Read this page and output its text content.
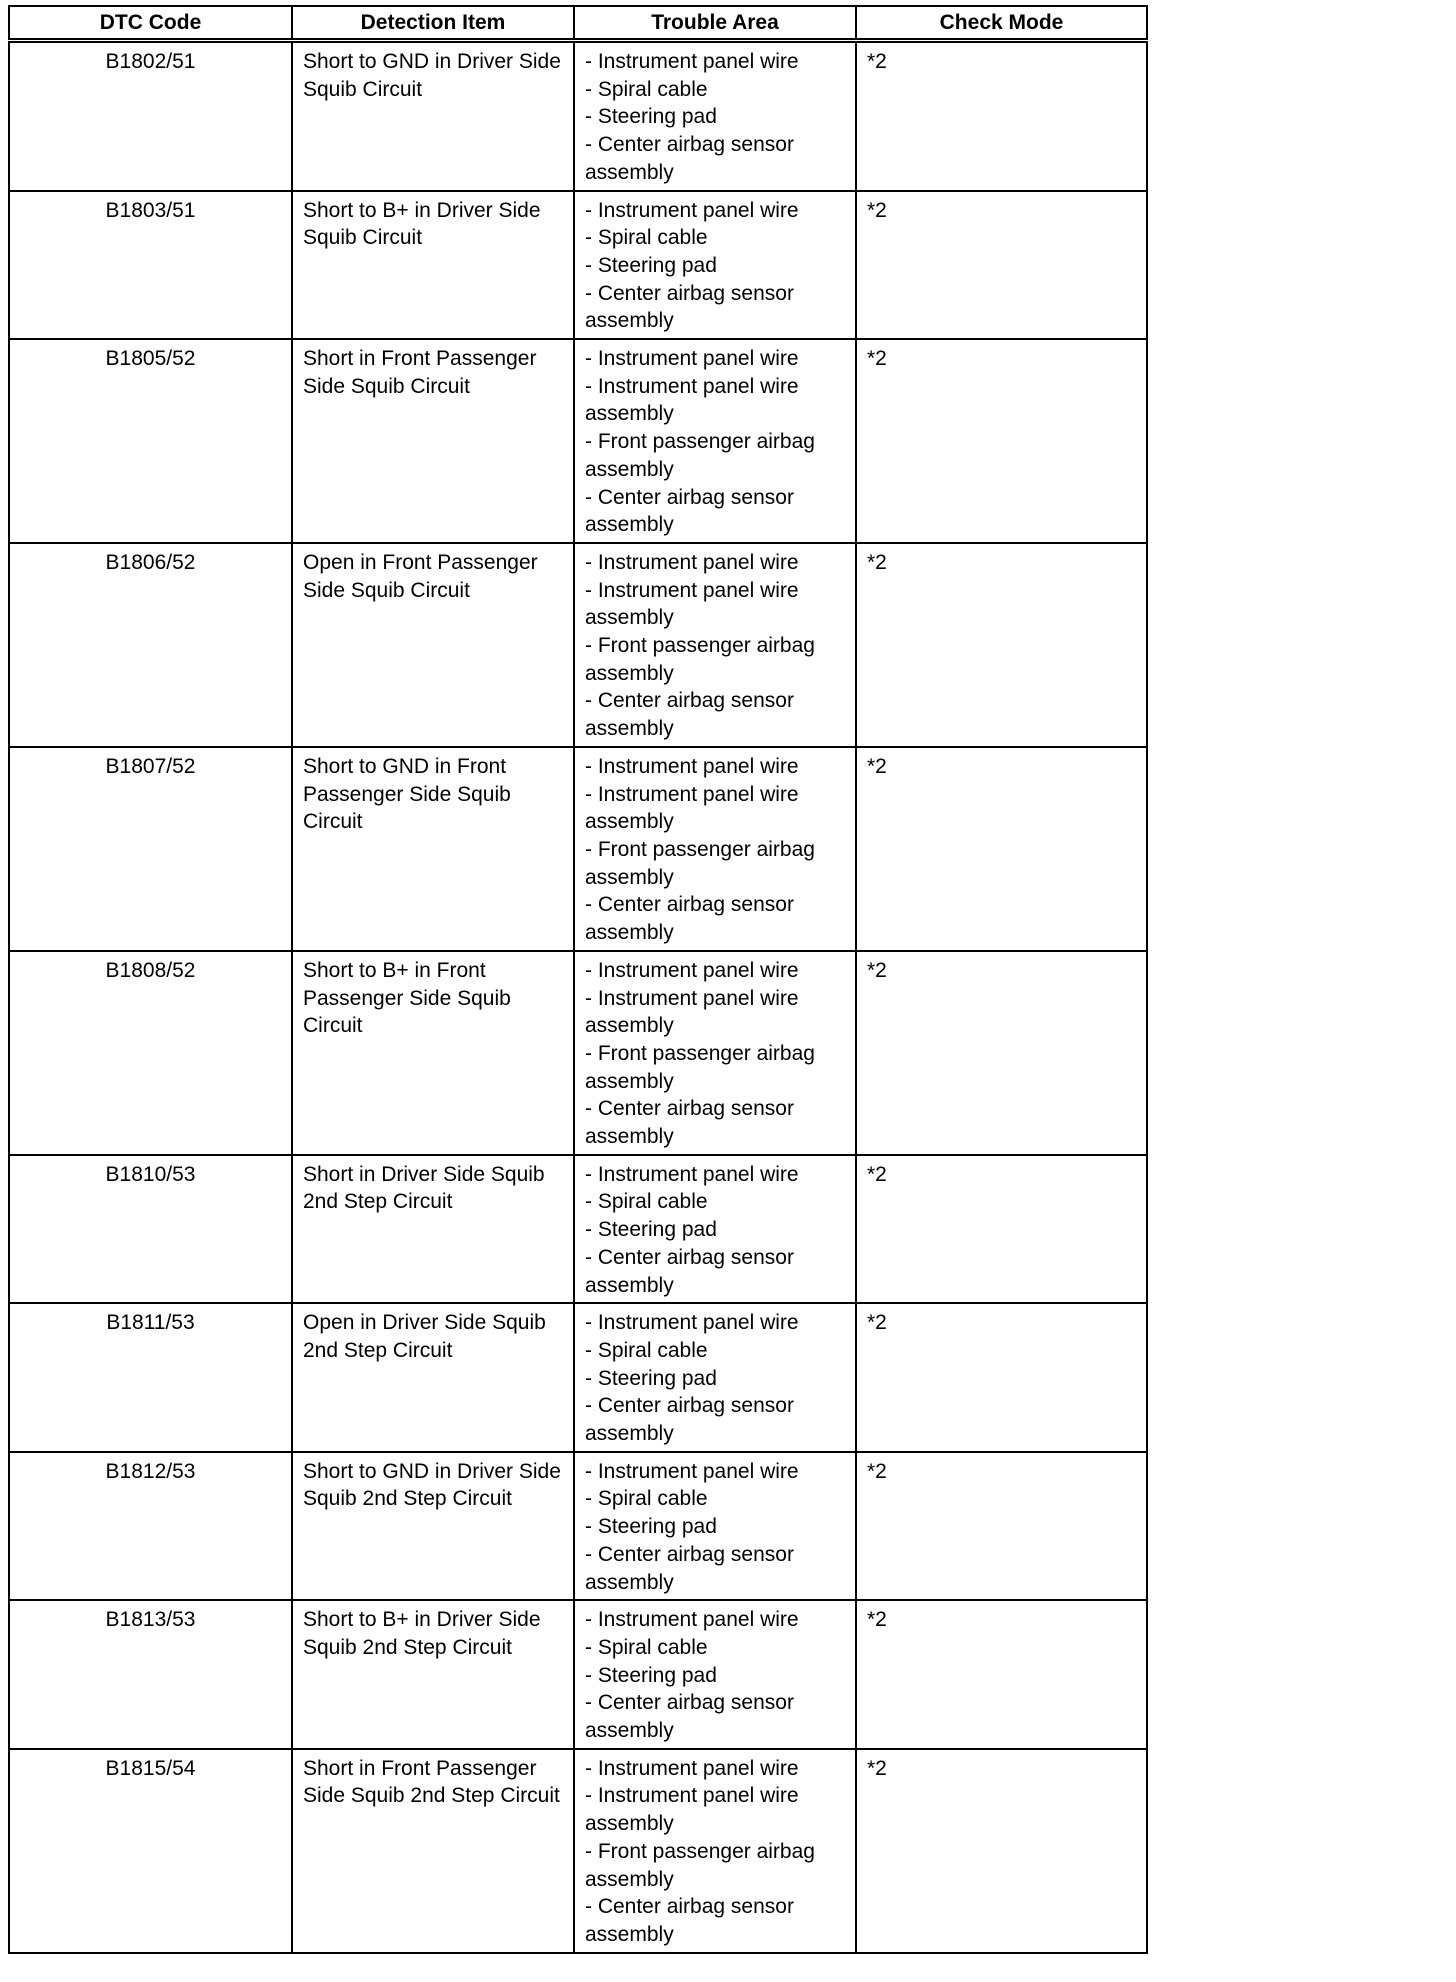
DTC Code	Detection Item	Trouble Area	Check Mode
B1802/51	Short to GND in Driver Side Squib Circuit	- Instrument panel wire
- Spiral cable
- Steering pad
- Center airbag sensor assembly	*2
B1803/51	Short to B+ in Driver Side Squib Circuit	- Instrument panel wire
- Spiral cable
- Steering pad
- Center airbag sensor assembly	*2
B1805/52	Short in Front Passenger Side Squib Circuit	- Instrument panel wire
- Instrument panel wire assembly
- Front passenger airbag assembly
- Center airbag sensor assembly	*2
B1806/52	Open in Front Passenger Side Squib Circuit	- Instrument panel wire
- Instrument panel wire assembly
- Front passenger airbag assembly
- Center airbag sensor assembly	*2
B1807/52	Short to GND in Front Passenger Side Squib Circuit	- Instrument panel wire
- Instrument panel wire assembly
- Front passenger airbag assembly
- Center airbag sensor assembly	*2
B1808/52	Short to B+ in Front Passenger Side Squib Circuit	- Instrument panel wire
- Instrument panel wire assembly
- Front passenger airbag assembly
- Center airbag sensor assembly	*2
B1810/53	Short in Driver Side Squib 2nd Step Circuit	- Instrument panel wire
- Spiral cable
- Steering pad
- Center airbag sensor assembly	*2
B1811/53	Open in Driver Side Squib 2nd Step Circuit	- Instrument panel wire
- Spiral cable
- Steering pad
- Center airbag sensor assembly	*2
B1812/53	Short to GND in Driver Side Squib 2nd Step Circuit	- Instrument panel wire
- Spiral cable
- Steering pad
- Center airbag sensor assembly	*2
B1813/53	Short to B+ in Driver Side Squib 2nd Step Circuit	- Instrument panel wire
- Spiral cable
- Steering pad
- Center airbag sensor assembly	*2
B1815/54	Short in Front Passenger Side Squib 2nd Step Circuit	- Instrument panel wire
- Instrument panel wire assembly
- Front passenger airbag assembly
- Center airbag sensor assembly	*2
